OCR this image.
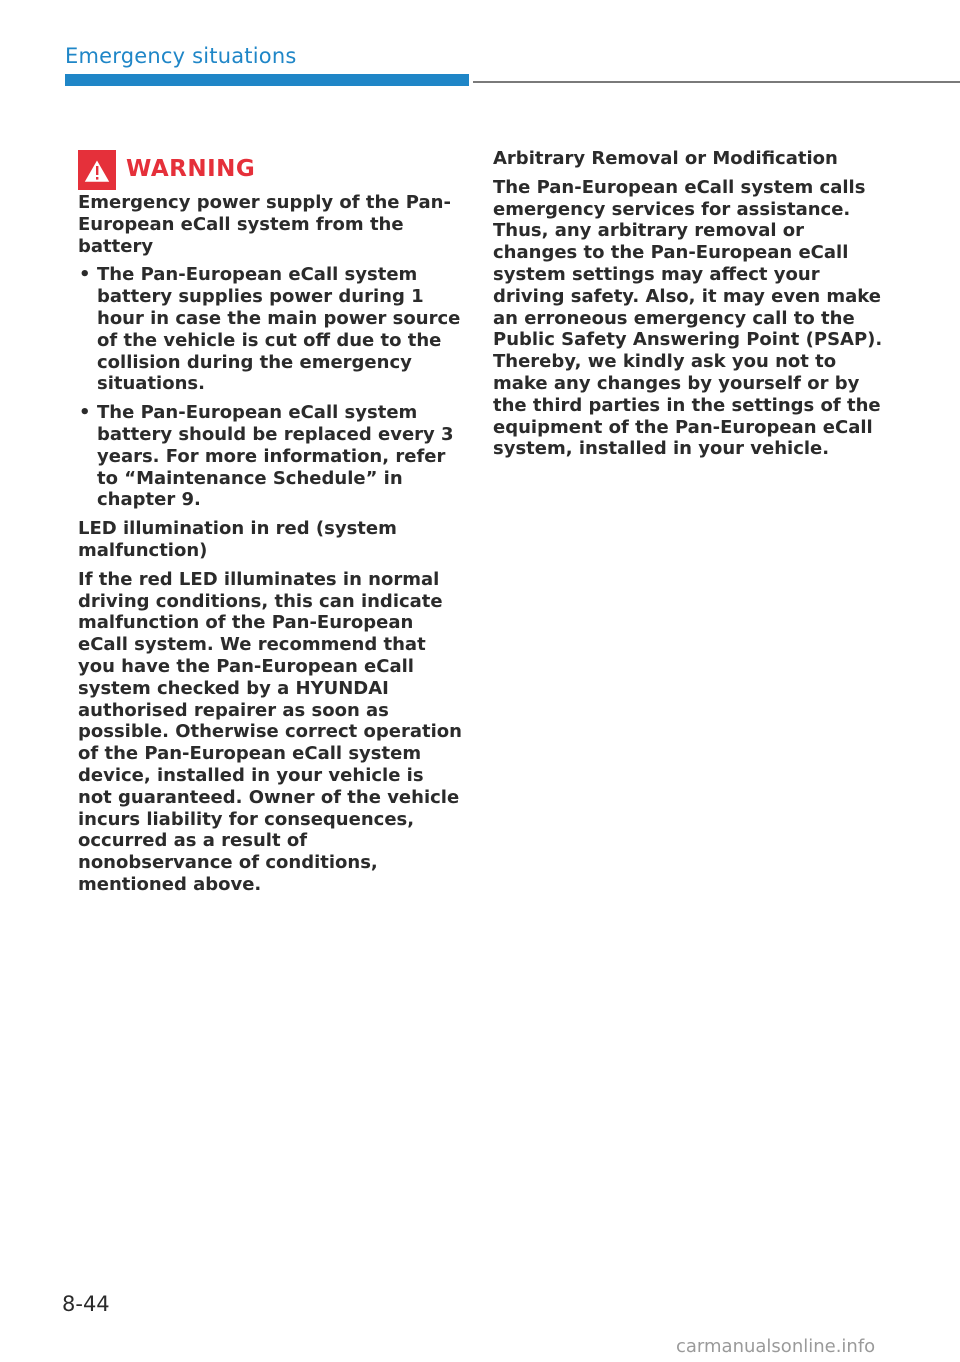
Emergency situations
WARNING

Emergency power supply of the Pan-European eCall system from the battery

• The Pan-European eCall system battery supplies power during 1 hour in case the main power source of the vehicle is cut off due to the collision during the emergency situations.
• The Pan-European eCall system battery should be replaced every 3 years. For more information, refer to “Maintenance Schedule” in chapter 9.

LED illumination in red (system malfunction)

If the red LED illuminates in normal driving conditions, this can indicate malfunction of the Pan-European eCall system. We recommend that you have the Pan-European eCall system checked by a HYUNDAI authorised repairer as soon as possible. Otherwise correct operation of the Pan-European eCall system device, installed in your vehicle is not guaranteed. Owner of the vehicle incurs liability for consequences, occurred as a result of nonobservance of conditions, mentioned above.

Arbitrary Removal or Modification

The Pan-European eCall system calls emergency services for assistance. Thus, any arbitrary removal or changes to the Pan-European eCall system settings may affect your driving safety. Also, it may even make an erroneous emergency call to the Public Safety Answering Point (PSAP). Thereby, we kindly ask you not to make any changes by yourself or by the third parties in the settings of the equipment of the Pan-European eCall system, installed in your vehicle.

8-44
carmanualsonline.info
